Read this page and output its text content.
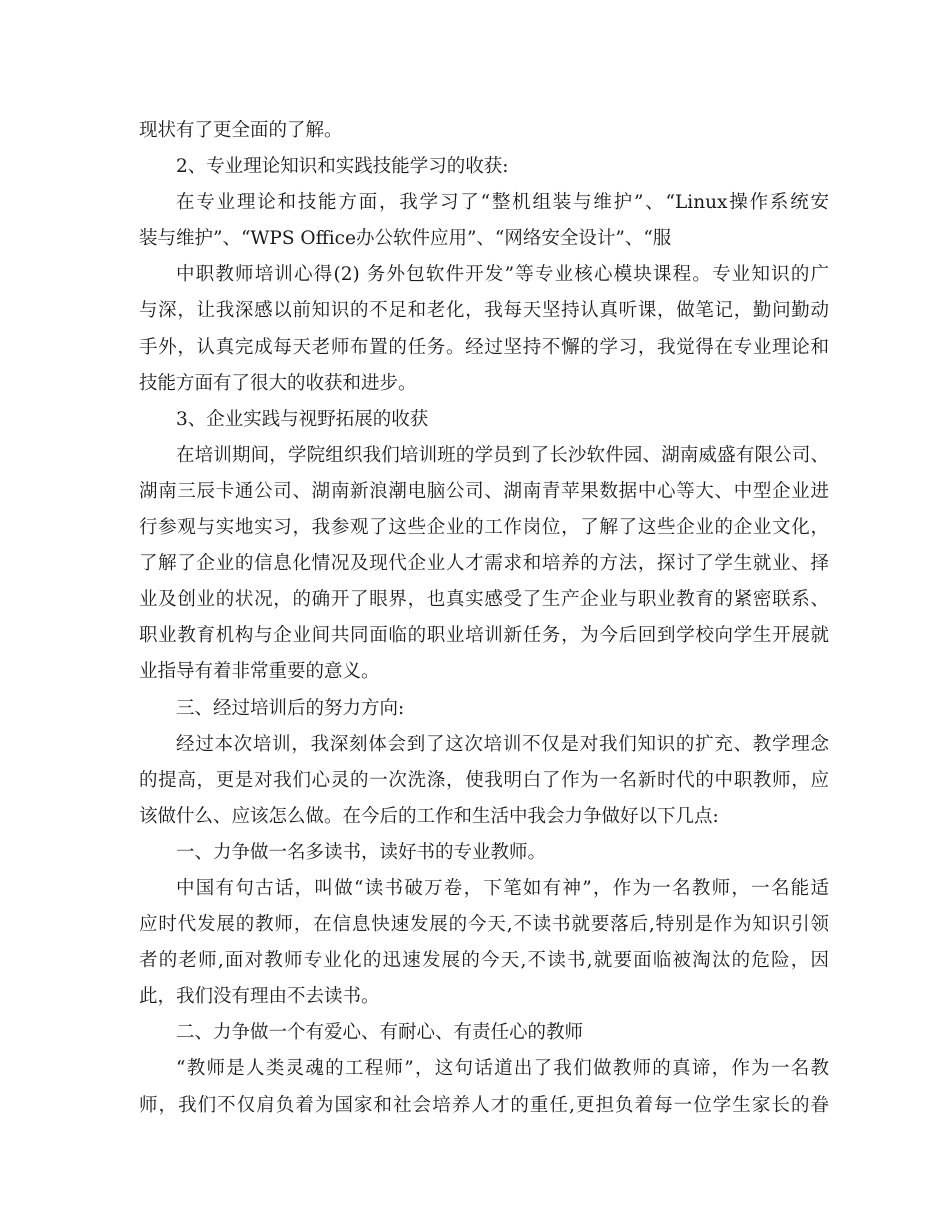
现状有了更全面的了解。
2、专业理论知识和实践技能学习的收获:
在专业理论和技能方面，我学习了“整机组装与维护”、“Linux操作系统安
装与维护”、“WPS Office办公软件应用”、“网络安全设计”、“服
中职教师培训心得(2) 务外包软件开发”等专业核心模块课程。专业知识的广
与深，让我深感以前知识的不足和老化，我每天坚持认真听课，做笔记，勤问勤动
手外，认真完成每天老师布置的任务。经过坚持不懈的学习，我觉得在专业理论和
技能方面有了很大的收获和进步。
3、企业实践与视野拓展的收获
在培训期间，学院组织我们培训班的学员到了长沙软件园、湖南威盛有限公司、
湖南三辰卡通公司、湖南新浪潮电脑公司、湖南青苹果数据中心等大、中型企业进
行参观与实地实习，我参观了这些企业的工作岗位，了解了这些企业的企业文化，
了解了企业的信息化情况及现代企业人才需求和培养的方法，探讨了学生就业、择
业及创业的状况，的确开了眼界，也真实感受了生产企业与职业教育的紧密联系、
职业教育机构与企业间共同面临的职业培训新任务，为今后回到学校向学生开展就
业指导有着非常重要的意义。
三、经过培训后的努力方向:
经过本次培训，我深刻体会到了这次培训不仅是对我们知识的扩充、教学理念
的提高，更是对我们心灵的一次洗涤，使我明白了作为一名新时代的中职教师，应
该做什么、应该怎么做。在今后的工作和生活中我会力争做好以下几点:
一、力争做一名多读书，读好书的专业教师。
中国有句古话，叫做“读书破万卷，下笔如有神”，作为一名教师，一名能适
应时代发展的教师，在信息快速发展的今天,不读书就要落后,特别是作为知识引领
者的老师,面对教师专业化的迅速发展的今天,不读书,就要面临被淘汰的危险，因
此，我们没有理由不去读书。
二、力争做一个有爱心、有耐心、有责任心的教师
“教师是人类灵魂的工程师”，这句话道出了我们做教师的真谛，作为一名教
师，我们不仅肩负着为国家和社会培养人才的重任,更担负着每一位学生家长的眷
